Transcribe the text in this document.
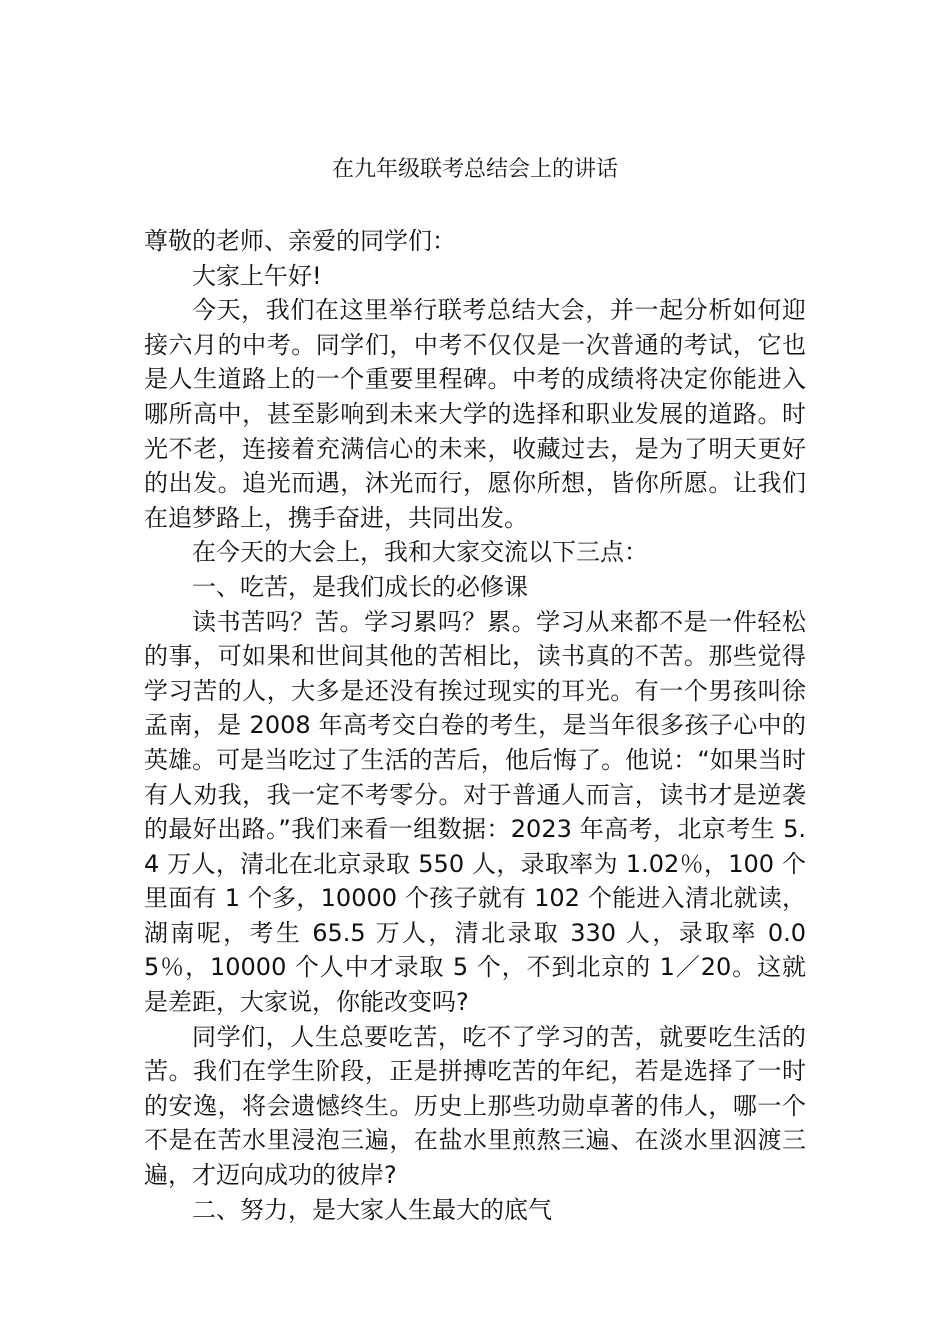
在九年级联考总结会上的讲话

尊敬的老师、亲爱的同学们：

大家上午好!

今天，我们在这里举行联考总结大会，并一起分析如何迎接六月的中考。同学们，中考不仅仅是一次普通的考试，它也是人生道路上的一个重要里程碑。中考的成绩将决定你能进入哪所高中，甚至影响到未来大学的选择和职业发展的道路。时光不老，连接着充满信心的未来，收藏过去，是为了明天更好的出发。追光而遇，沐光而行，愿你所想，皆你所愿。让我们在追梦路上，携手奋进，共同出发。

在今天的大会上，我和大家交流以下三点：

一、吃苦，是我们成长的必修课

读书苦吗？苦。学习累吗？累。学习从来都不是一件轻松的事，可如果和世间其他的苦相比，读书真的不苦。那些觉得学习苦的人，大多是还没有挨过现实的耳光。有一个男孩叫徐孟南，是 2008 年高考交白卷的考生，是当年很多孩子心中的英雄。可是当吃过了生活的苦后，他后悔了。他说：“如果当时有人劝我，我一定不考零分。对于普通人而言，读书才是逆袭的最好出路。”我们来看一组数据：2023 年高考，北京考生 5.4 万人，清北在北京录取 550 人，录取率为 1.02％，100 个里面有 1 个多，10000 个孩子就有 102 个能进入清北就读，湖南呢，考生 65.5 万人，清北录取 330 人，录取率 0.05％，10000 个人中才录取 5 个，不到北京的 1／20。这就是差距，大家说，你能改变吗?

同学们，人生总要吃苦，吃不了学习的苦，就要吃生活的苦。我们在学生阶段，正是拼搏吃苦的年纪，若是选择了一时的安逸，将会遗憾终生。历史上那些功勋卓著的伟人，哪一个不是在苦水里浸泡三遍，在盐水里煎熬三遍、在淡水里泅渡三遍，才迈向成功的彼岸?

二、努力，是大家人生最大的底气
